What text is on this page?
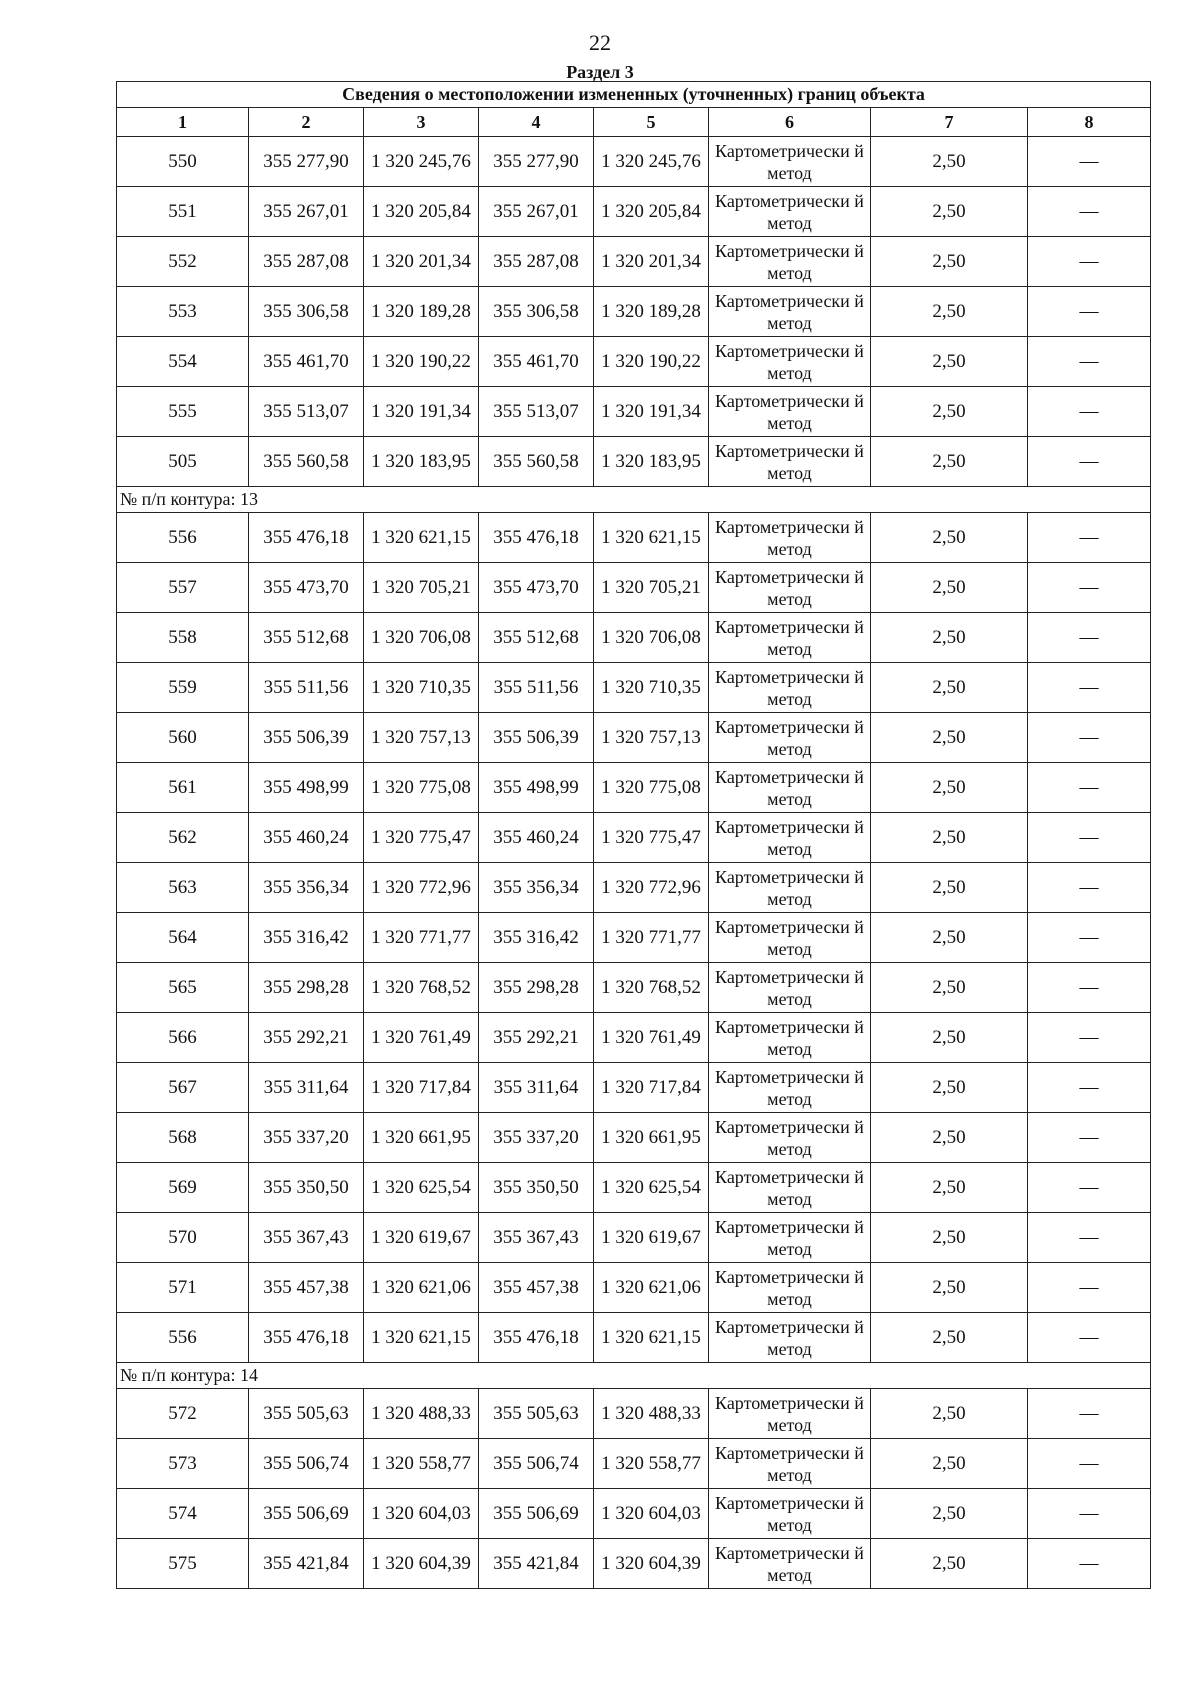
22
Раздел 3
Сведения о местоположении измененных (уточненных) границ объекта							
1	2	3	4	5	6	7	8
550	355 277,90	1 320 245,76	355 277,90	1 320 245,76	Картометрически й метод	2,50	—
551	355 267,01	1 320 205,84	355 267,01	1 320 205,84	Картометрически й метод	2,50	—
552	355 287,08	1 320 201,34	355 287,08	1 320 201,34	Картометрически й метод	2,50	—
553	355 306,58	1 320 189,28	355 306,58	1 320 189,28	Картометрически й метод	2,50	—
554	355 461,70	1 320 190,22	355 461,70	1 320 190,22	Картометрически й метод	2,50	—
555	355 513,07	1 320 191,34	355 513,07	1 320 191,34	Картометрически й метод	2,50	—
505	355 560,58	1 320 183,95	355 560,58	1 320 183,95	Картометрически й метод	2,50	—
№ п/п контура: 13							
556	355 476,18	1 320 621,15	355 476,18	1 320 621,15	Картометрически й метод	2,50	—
557	355 473,70	1 320 705,21	355 473,70	1 320 705,21	Картометрически й метод	2,50	—
558	355 512,68	1 320 706,08	355 512,68	1 320 706,08	Картометрически й метод	2,50	—
559	355 511,56	1 320 710,35	355 511,56	1 320 710,35	Картометрически й метод	2,50	—
560	355 506,39	1 320 757,13	355 506,39	1 320 757,13	Картометрически й метод	2,50	—
561	355 498,99	1 320 775,08	355 498,99	1 320 775,08	Картометрически й метод	2,50	—
562	355 460,24	1 320 775,47	355 460,24	1 320 775,47	Картометрически й метод	2,50	—
563	355 356,34	1 320 772,96	355 356,34	1 320 772,96	Картометрически й метод	2,50	—
564	355 316,42	1 320 771,77	355 316,42	1 320 771,77	Картометрически й метод	2,50	—
565	355 298,28	1 320 768,52	355 298,28	1 320 768,52	Картометрически й метод	2,50	—
566	355 292,21	1 320 761,49	355 292,21	1 320 761,49	Картометрически й метод	2,50	—
567	355 311,64	1 320 717,84	355 311,64	1 320 717,84	Картометрически й метод	2,50	—
568	355 337,20	1 320 661,95	355 337,20	1 320 661,95	Картометрически й метод	2,50	—
569	355 350,50	1 320 625,54	355 350,50	1 320 625,54	Картометрически й метод	2,50	—
570	355 367,43	1 320 619,67	355 367,43	1 320 619,67	Картометрически й метод	2,50	—
571	355 457,38	1 320 621,06	355 457,38	1 320 621,06	Картометрически й метод	2,50	—
556	355 476,18	1 320 621,15	355 476,18	1 320 621,15	Картометрически й метод	2,50	—
№ п/п контура: 14							
572	355 505,63	1 320 488,33	355 505,63	1 320 488,33	Картометрически й метод	2,50	—
573	355 506,74	1 320 558,77	355 506,74	1 320 558,77	Картометрически й метод	2,50	—
574	355 506,69	1 320 604,03	355 506,69	1 320 604,03	Картометрически й метод	2,50	—
575	355 421,84	1 320 604,39	355 421,84	1 320 604,39	Картометрически й метод	2,50	—
